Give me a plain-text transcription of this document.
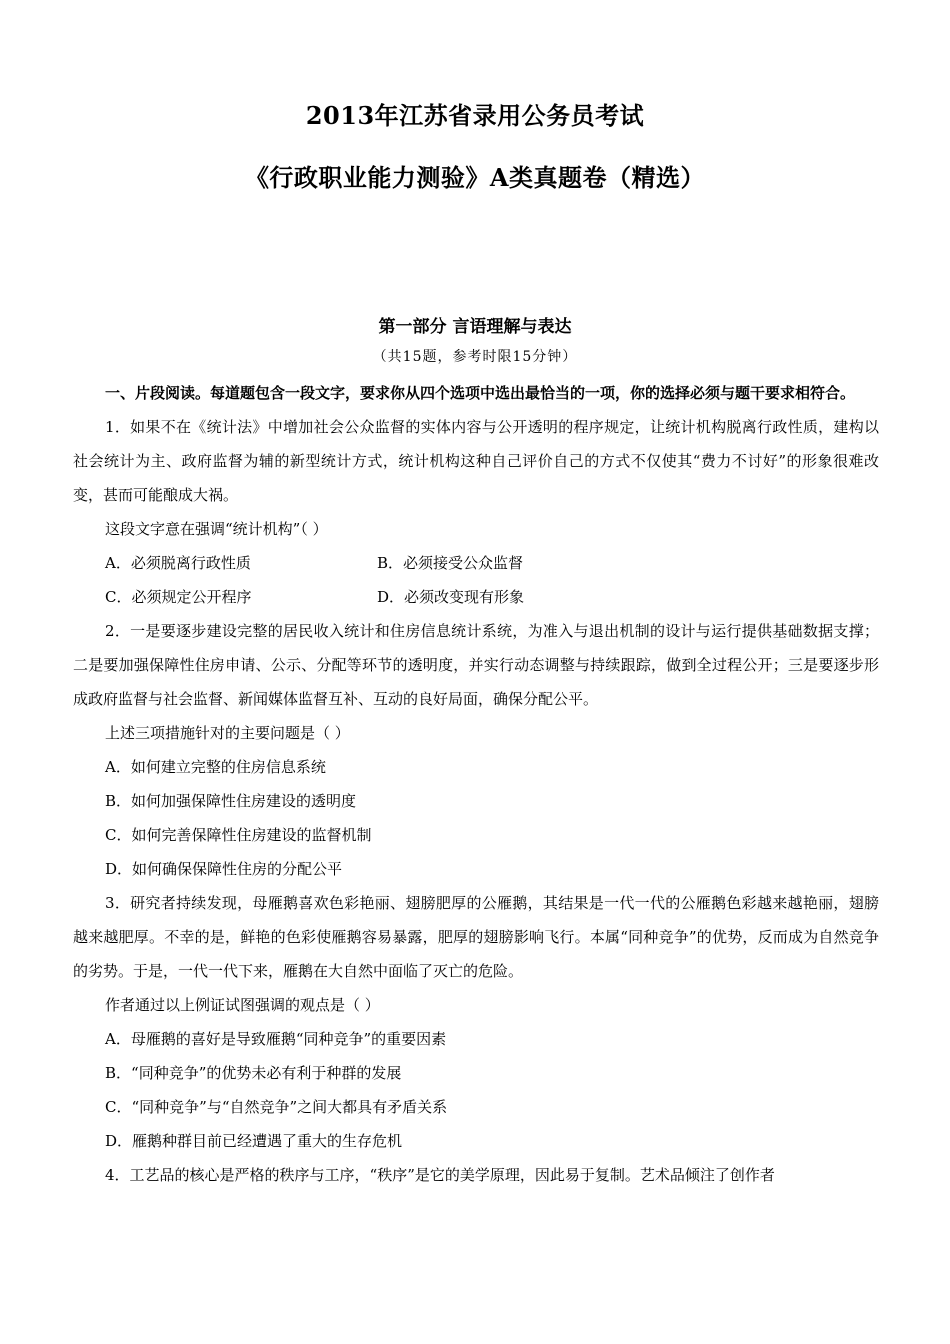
2013年江苏省录用公务员考试
《行政职业能力测验》A类真题卷（精选）
第一部分 言语理解与表达
（共15题，参考时限15分钟）

一、片段阅读。每道题包含一段文字，要求你从四个选项中选出最恰当的一项，你的选择必须与题干要求相符合。

1．如果不在《统计法》中增加社会公众监督的实体内容与公开透明的程序规定，让统计机构脱离行政性质，建构以社会统计为主、政府监督为辅的新型统计方式，统计机构这种自己评价自己的方式不仅使其“费力不讨好”的形象很难改变，甚而可能酿成大祸。

这段文字意在强调“统计机构”（ ）

A．必须脱离行政性质	B．必须接受公众监督
C．必须规定公开程序	D．必须改变现有形象

2．一是要逐步建设完整的居民收入统计和住房信息统计系统，为准入与退出机制的设计与运行提供基础数据支撑；二是要加强保障性住房申请、公示、分配等环节的透明度，并实行动态调整与持续跟踪，做到全过程公开；三是要逐步形成政府监督与社会监督、新闻媒体监督互补、互动的良好局面，确保分配公平。

上述三项措施针对的主要问题是（ ）

A．如何建立完整的住房信息系统

B．如何加强保障性住房建设的透明度

C．如何完善保障性住房建设的监督机制

D．如何确保保障性住房的分配公平

3．研究者持续发现，母雁鹅喜欢色彩艳丽、翅膀肥厚的公雁鹅，其结果是一代一代的公雁鹅色彩越来越艳丽，翅膀越来越肥厚。不幸的是，鲜艳的色彩使雁鹅容易暴露，肥厚的翅膀影响飞行。本属“同种竞争”的优势，反而成为自然竞争的劣势。于是，一代一代下来，雁鹅在大自然中面临了灭亡的危险。

作者通过以上例证试图强调的观点是（ ）

A．母雁鹅的喜好是导致雁鹅“同种竞争”的重要因素

B．“同种竞争”的优势未必有利于种群的发展

C．“同种竞争”与“自然竞争”之间大都具有矛盾关系

D．雁鹅种群目前已经遭遇了重大的生存危机

4．工艺品的核心是严格的秩序与工序，“秩序”是它的美学原理，因此易于复制。艺术品倾注了创作者
